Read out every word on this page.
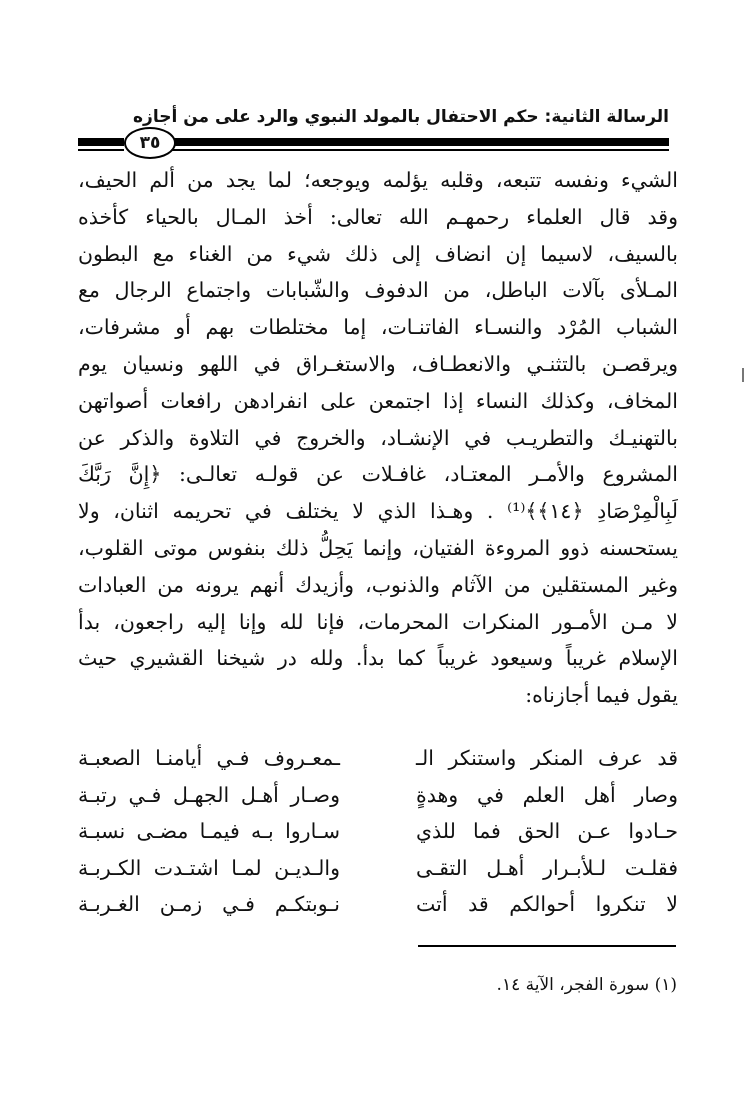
الرسالة الثانية: حكم الاحتفال بالمولد النبوي والرد على من أجازه
٣٥
الشيء ونفسه تتبعه، وقلبه يؤلمه ويوجعه؛ لما يجد من ألم الحيف،
وقد قال العلماء رحمهـم الله تعالى: أخذ المـال بالحياء كأخذه
بالسيف، لاسيما إن انضاف إلى ذلك شيء من الغناء مع البطون
المـلأى بآلات الباطل، من الدفوف والشّبابات واجتماع الرجال مع
الشباب المُرْد والنسـاء الفاتنـات، إما مختلطات بهم أو مشرفات،
ويرقصـن بالتثنـي والانعطـاف، والاستغـراق في اللهو ونسيان يوم
المخاف، وكذلك النساء إذا اجتمعن على انفرادهن رافعات أصواتهن
بالتهنيـك والتطريـب في الإنشـاد، والخروج في التلاوة والذكر عن
المشروع والأمـر المعتـاد، غافـلات عن قولـه تعالـى: ﴿إِنَّ رَبَّكَ
لَبِالْمِرْصَادِ ﴿١٤﴾﴾⁽¹⁾ . وهـذا الذي لا يختلف في تحريمه اثنان، ولا
يستحسنه ذوو المروءة الفتيان، وإنما يَحِلُّ ذلك بنفوس موتى القلوب،
وغير المستقلين من الآثام والذنوب، وأزيدك أنهم يرونه من العبادات
لا مـن الأمـور المنكرات المحرمات، فإنا لله وإنا إليه راجعون، بدأ
الإسلام غريباً وسيعود غريباً كما بدأ. ولله در شيخنا القشيري حيث
يقول فيما أجازناه:
قد عرف المنكر واستنكر الـ
ـمعـروف فـي أيامنـا الصعبـة
وصار أهل العلم في وهدةٍ
وصـار أهـل الجهـل فـي رتبـة
حـادوا عـن الحق فما للذي
سـاروا بـه فيمـا مضـى نسبـة
فقلـت لـلأبـرار أهـل التقـى
والـديـن لمـا اشتـدت الكـربـة
لا تنكروا أحوالكم قد أتت
نـوبتكـم فـي زمـن الغـربـة
(١) سورة الفجر، الآية ١٤.
